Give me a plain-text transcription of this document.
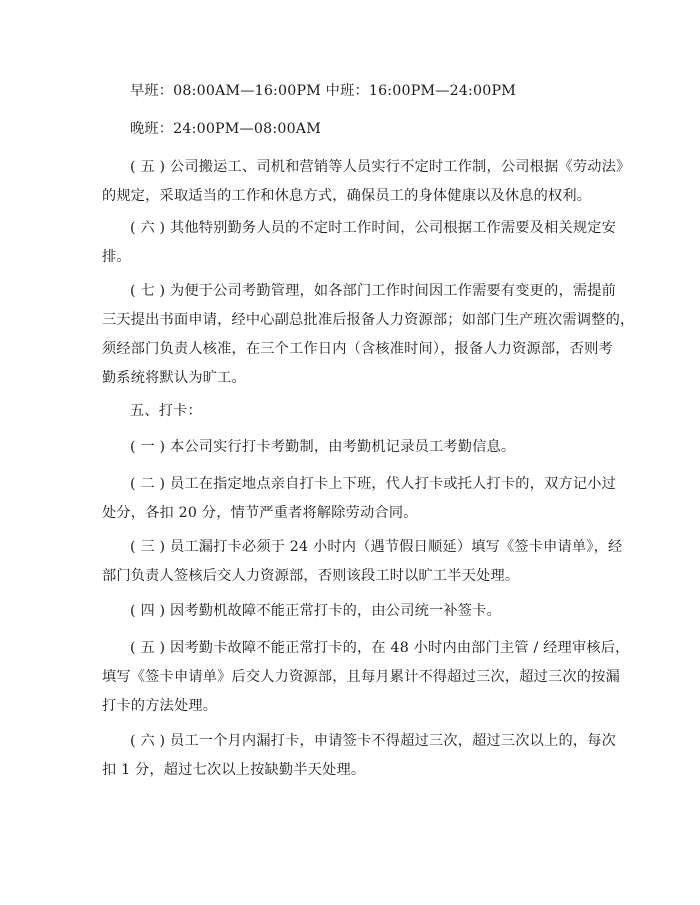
早班：08:00AM—16:00PM 中班：16:00PM—24:00PM

晚班：24:00PM—08:00AM

( 五 ) 公司搬运工、司机和营销等人员实行不定时工作制，公司根据《劳动法》
的规定，采取适当的工作和休息方式，确保员工的身体健康以及休息的权利。

( 六 ) 其他特别勤务人员的不定时工作时间，公司根据工作需要及相关规定安
排。

( 七 ) 为便于公司考勤管理，如各部门工作时间因工作需要有变更的，需提前
三天提出书面申请，经中心副总批准后报备人力资源部；如部门生产班次需调整的，
须经部门负责人核准，在三个工作日内（含核准时间），报备人力资源部，否则考
勤系统将默认为旷工。

五、打卡：

( 一 ) 本公司实行打卡考勤制，由考勤机记录员工考勤信息。

( 二 ) 员工在指定地点亲自打卡上下班，代人打卡或托人打卡的，双方记小过
处分，各扣 20 分，情节严重者将解除劳动合同。

( 三 ) 员工漏打卡必须于 24 小时内（遇节假日顺延）填写《签卡申请单》，经
部门负责人签核后交人力资源部，否则该段工时以旷工半天处理。

( 四 ) 因考勤机故障不能正常打卡的，由公司统一补签卡。

( 五 ) 因考勤卡故障不能正常打卡的，在 48 小时内由部门主管 / 经理审核后，
填写《签卡申请单》后交人力资源部，且每月累计不得超过三次，超过三次的按漏
打卡的方法处理。

( 六 ) 员工一个月内漏打卡，申请签卡不得超过三次，超过三次以上的，每次
扣 1 分，超过七次以上按缺勤半天处理。
